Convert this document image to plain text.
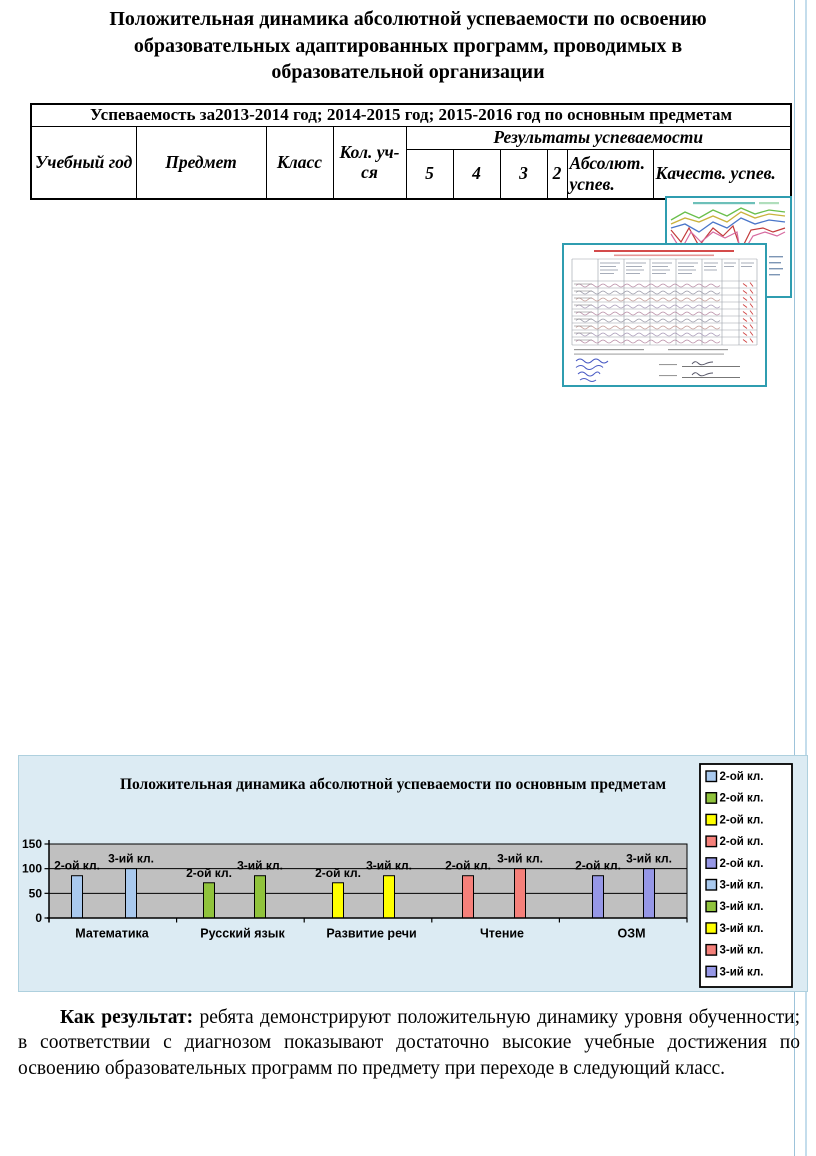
Положительная динамика абсолютной успеваемости по освоению образовательных адаптированных программ, проводимых в образовательной организации
Успеваемость за2013-2014 год; 2014-2015 год; 2015-2016 год по основным предметам									
Учебный год	Предмет	Класс	Кол. уч-ся	Результаты успеваемости					
				5	4	3	2	Абсолют. успев.	Качеств. успев.
2-ой кл.
3-ий кл.
2-ой кл.
3-ий кл.
2-ой кл.
3-ий кл.	2-ой кл.
3-ий кл.
2-ой кл.
3-ий кл.
0
50
100
150
Математика	Русский язык	Развитие речи	Чтение	ОЗМ
Положительная динамика абсолютной успеваемости по основным предметам	2-ой кл.
2-ой кл.
2-ой кл.
2-ой кл.
2-ой кл.
3-ий кл.
3-ий кл.
3-ий кл.
3-ий кл.
3-ий кл.
Как результат: ребята демонстрируют положительную динамику уровня обученности; в соответствии с диагнозом показывают достаточно высокие учебные достижения по освоению образовательных программ по предмету при переходе в следующий класс.
